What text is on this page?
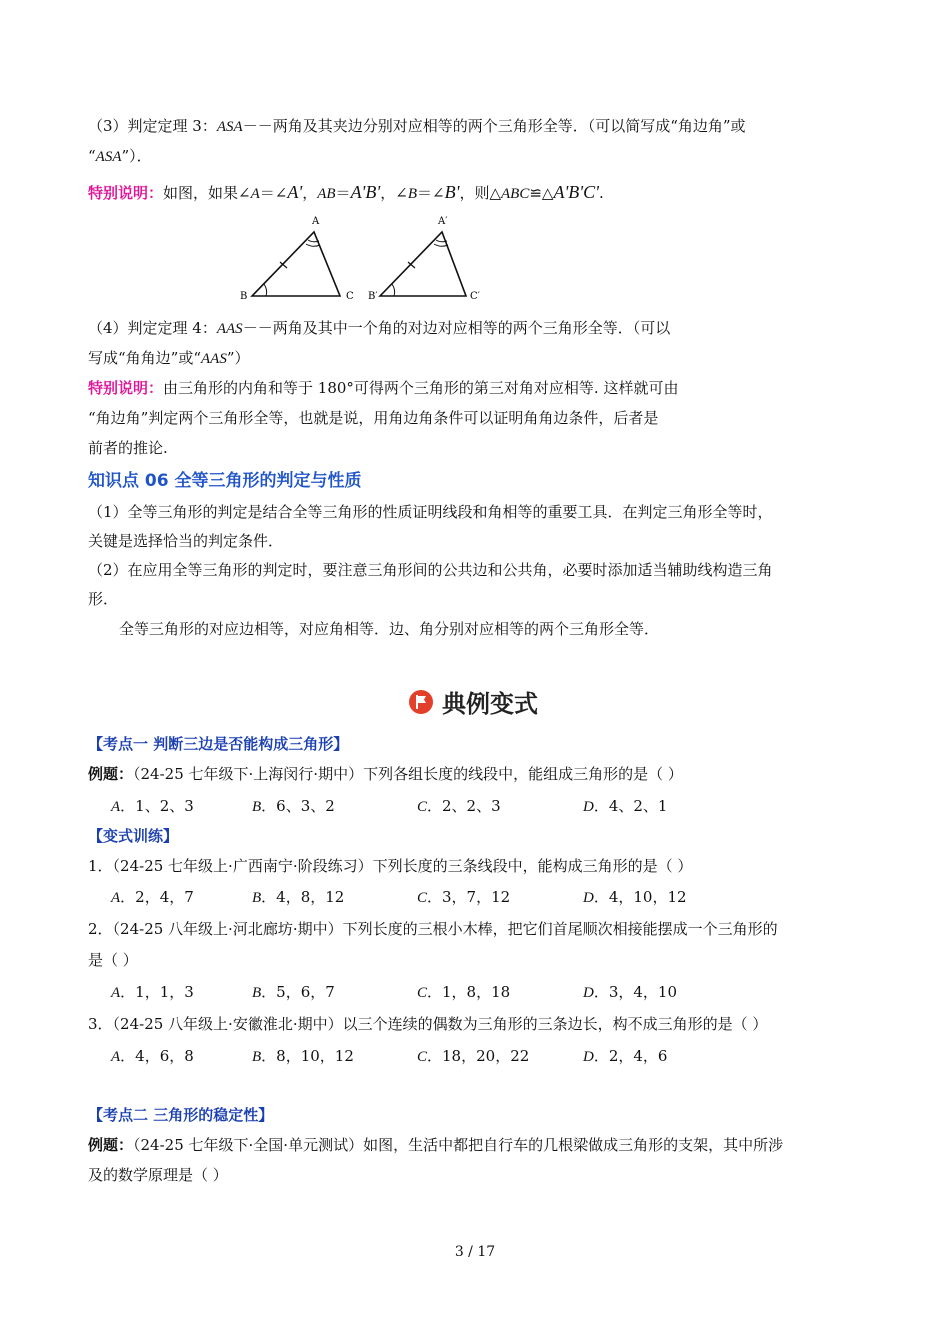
（3）判定定理 3：ASA－－两角及其夹边分别对应相等的两个三角形全等．（可以简写成“角边角”或
“ASA”）．
特别说明：如图，如果∠A＝∠A'，AB＝A'B'，∠B＝∠B'，则△ABC≌△A'B'C'.
A
B	C
A′
B′	C′
（4）判定定理 4：AAS－－两角及其中一个角的对边对应相等的两个三角形全等．（可以
写成“角角边”或“AAS”）
特别说明：由三角形的内角和等于 180°可得两个三角形的第三对角对应相等. 这样就可由
“角边角”判定两个三角形全等，也就是说，用角边角条件可以证明角角边条件，后者是
前者的推论.
知识点 06 全等三角形的判定与性质
（1）全等三角形的判定是结合全等三角形的性质证明线段和角相等的重要工具．在判定三角形全等时，
关键是选择恰当的判定条件．
（2）在应用全等三角形的判定时，要注意三角形间的公共边和公共角，必要时添加适当辅助线构造三角
形．
全等三角形的对应边相等，对应角相等．边、角分别对应相等的两个三角形全等．
典例变式
【考点一 判断三边是否能构成三角形】
例题：（24-25 七年级下·上海闵行·期中）下列各组长度的线段中，能组成三角形的是（ ）
A．1、2、3	B．6、3、2	C．2、2、3	D．4、2、1
【变式训练】
1．（24-25 七年级上·广西南宁·阶段练习）下列长度的三条线段中，能构成三角形的是（ ）
A．2，4，7	B．4，8，12	C．3，7，12	D．4，10，12
2．（24-25 八年级上·河北廊坊·期中）下列长度的三根小木棒，把它们首尾顺次相接能摆成一个三角形的
是（ ）
A．1，1，3	B．5，6，7	C．1，8，18	D．3，4，10
3．（24-25 八年级上·安徽淮北·期中）以三个连续的偶数为三角形的三条边长，构不成三角形的是（ ）
A．4，6，8	B．8，10，12	C．18，20，22	D．2，4，6
【考点二 三角形的稳定性】
例题：（24-25 七年级下·全国·单元测试）如图，生活中都把自行车的几根梁做成三角形的支架，其中所涉
及的数学原理是（ ）
3 / 17
